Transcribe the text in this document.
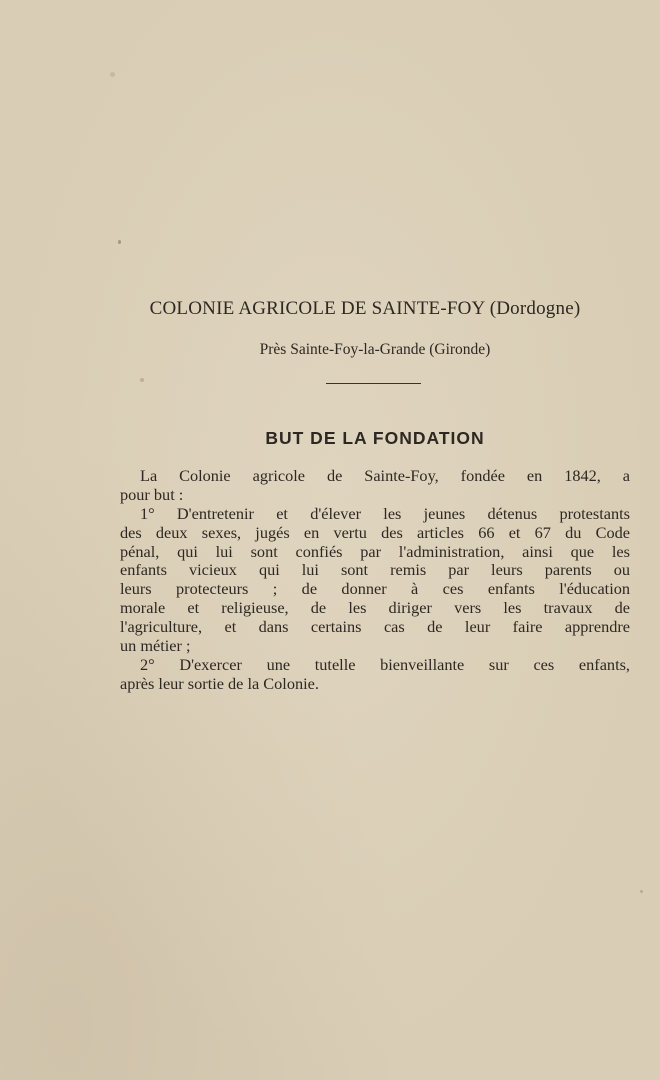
COLONIE AGRICOLE DE SAINTE-FOY (Dordogne)
Près Sainte-Foy-la-Grande (Gironde)
BUT DE LA FONDATION
La Colonie agricole de Sainte-Foy, fondée en 1842, a
pour but :
1° D'entretenir et d'élever les jeunes détenus protestants
des deux sexes, jugés en vertu des articles 66 et 67 du Code
pénal, qui lui sont confiés par l'administration, ainsi que les
enfants vicieux qui lui sont remis par leurs parents ou
leurs protecteurs ; de donner à ces enfants l'éducation
morale et religieuse, de les diriger vers les travaux de
l'agriculture, et dans certains cas de leur faire apprendre
un métier ;
2° D'exercer une tutelle bienveillante sur ces enfants,
après leur sortie de la Colonie.
